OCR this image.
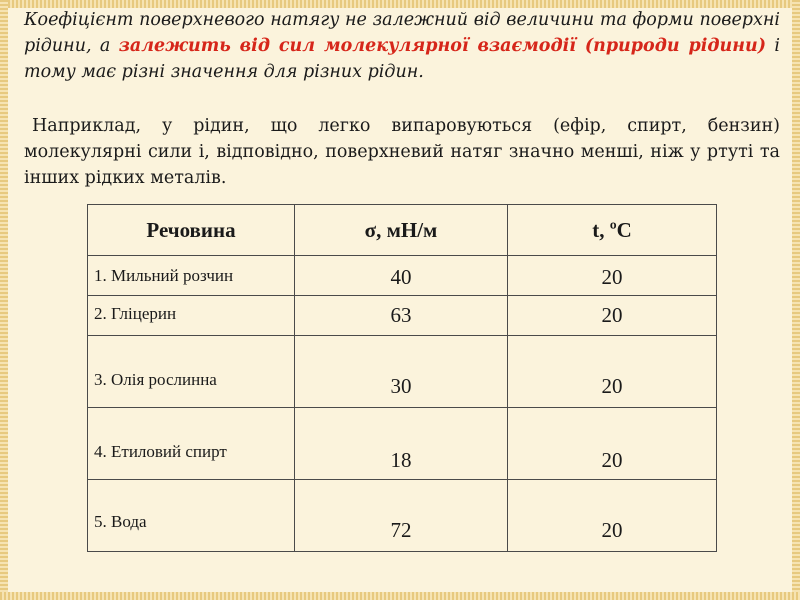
Коефіцієнт поверхневого натягу не залежний від величини та форми поверхні рідини, а залежить від сил молекулярної взаємодії (природи рідини) і тому має різні значення для різних рідин.

Наприклад, у рідин, що легко випаровуються (ефір, спирт, бензин) молекулярні сили і, відповідно, поверхневий натяг значно менші, ніж у ртуті та інших рідких металів.

Речовина	σ, мН/м	t, ºС
1. Мильний розчин	40	20
2. Гліцерин	63	20
3. Олія рослинна	30	20
4. Етиловий спирт	18	20
5. Вода	72	20
